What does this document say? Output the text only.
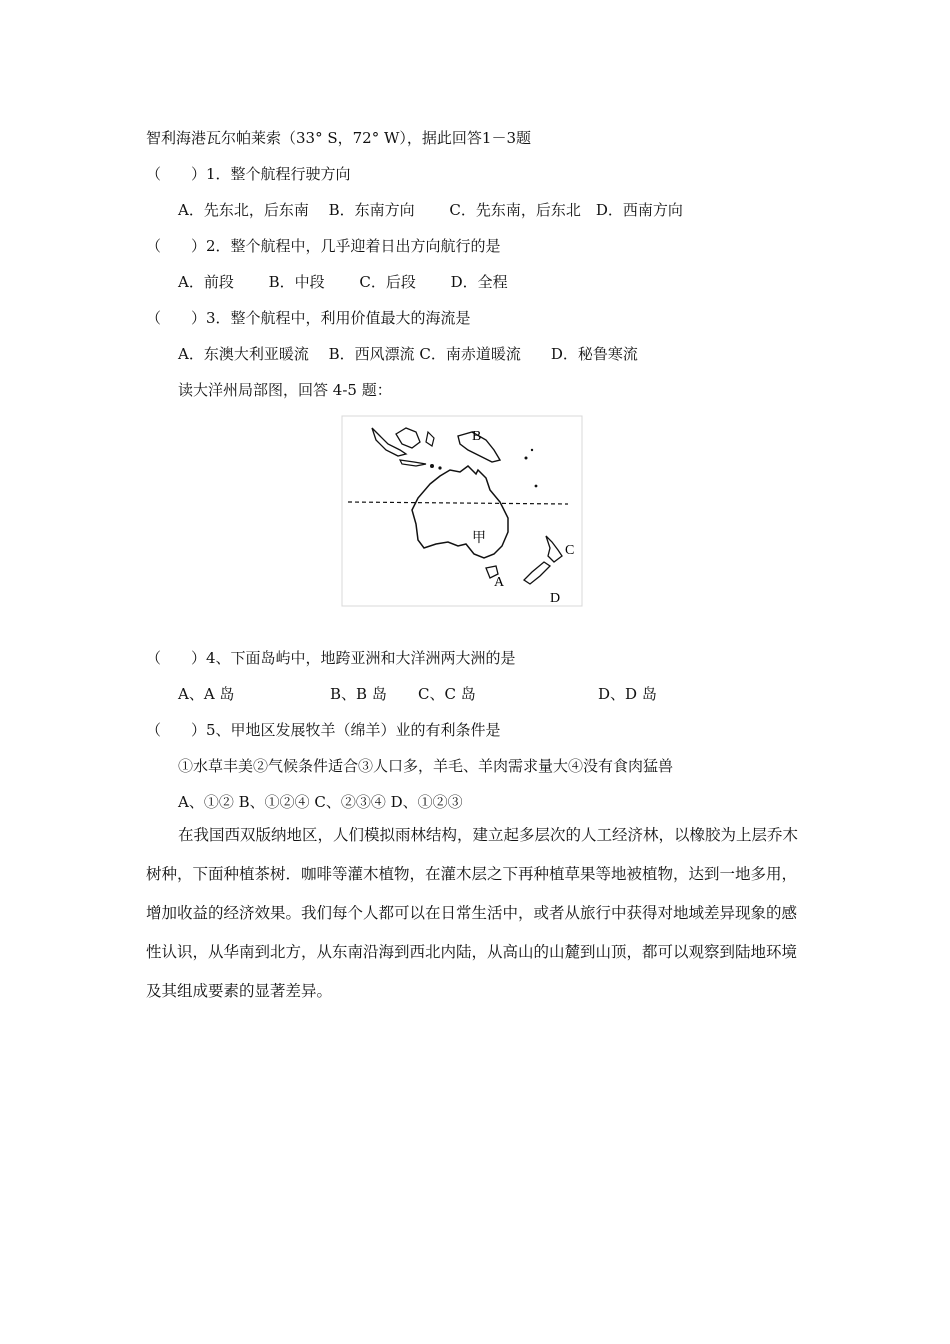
智利海港瓦尔帕莱索（33° S，72° W），据此回答1－3题
（　　）1．整个航程行驶方向
A．先东北，后东南　 B．东南方向　　 C．先东南，后东北　D．西南方向
（　　）2．整个航程中，几乎迎着日出方向航行的是
A．前段　　 B．中段　　 C．后段　　 D．全程
（　　）3．整个航程中，利用价值最大的海流是
A．东澳大利亚暖流　 B．西风漂流 C．南赤道暖流　　D．秘鲁寒流
读大洋州局部图，回答 4-5 题：
B
甲
C
A
D
（　　）4、下面岛屿中，地跨亚洲和大洋洲两大洲的是
A、A 岛	B、B 岛 C、C 岛	D、D 岛
（　　）5、甲地区发展牧羊（绵羊）业的有利条件是
①水草丰美②气候条件适合③人口多，羊毛、羊肉需求量大④没有食肉猛兽
A、①② B、①②④ C、②③④ D、①②③
在我国西双版纳地区，人们模拟雨林结构，建立起多层次的人工经济林，以橡胶为上层乔木树种，下面种植茶树．咖啡等灌木植物，在灌木层之下再种植草果等地被植物，达到一地多用，增加收益的经济效果。我们每个人都可以在日常生活中，或者从旅行中获得对地域差异现象的感性认识，从华南到北方，从东南沿海到西北内陆，从高山的山麓到山顶，都可以观察到陆地环境及其组成要素的显著差异。
